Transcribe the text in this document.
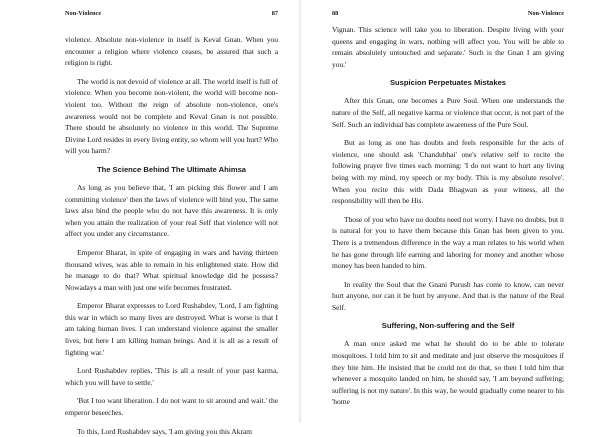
Non-Violence	87

violence. Absolute non-violence in itself is Keval Gnan. When you encounter a religion where violence ceases, be assured that such a religion is right.

The world is not devoid of violence at all. The world itself is full of violence. When you become non-violent, the world will become non-violent too. Without the reign of absolute non-violence, one's awareness would not be complete and Keval Gnan is not possible. There should be absolutely no violence in this world. The Supreme Divine Lord resides in every living entity, so whom will you hurt? Who will you harm?

The Science Behind The Ultimate Ahimsa

As long as you believe that, 'I am picking this flower and I am committing violence' then the laws of violence will bind you. The same laws also bind the people who do not have this awareness. It is only when you attain the realization of your real Self that violence will not affect you under any circumstance.

Emperor Bharat, in spite of engaging in wars and having thirteen thousand wives, was able to remain in his enlightened state. How did he manage to do that? What spiritual knowledge did he possess? Nowadays a man with just one wife becomes frustrated.

Emperor Bharat expresses to Lord Rushabdev, 'Lord, I am fighting this war in which so many lives are destroyed. What is worse is that I am taking human lives. I can understand violence against the smaller lives, but here I am killing human beings. And it is all as a result of fighting war.'

Lord Rushabdev replies, 'This is all a result of your past karma, which you will have to settle.'

'But I too want liberation. I do not want to sit around and wait.' the emperor beseeches.

To this, Lord Rushabdev says, 'I am giving you this Akram

88	Non-Violence

Vignan. This science will take you to liberation. Despite living with your queens and engaging in wars, nothing will affect you. You will be able to remain absolutely untouched and separate.' Such is the Gnan I am giving you.'

Suspicion Perpetuates Mistakes

After this Gnan, one becomes a Pure Soul. When one understands the nature of the Self, all negative karma or violence that occur, is not part of the Self. Such an individual has complete awareness of the Pure Soul.

But as long as one has doubts and feels responsible for the acts of violence, one should ask 'Chandubhai' one's relative self to recite the following prayer five times each morning: 'I do not want to hurt any living being with my mind, my speech or my body. This is my absolute resolve'. When you recite this with Dada Bhagwan as your witness, all the responsibility will then be His.

Those of you who have no doubts need not worry. I have no doubts, but it is natural for you to have them because this Gnan has been given to you. There is a tremendous difference in the way a man relates to his world when he has gone through life earning and laboring for money and another whose money has been handed to him.

In reality the Soul that the Gnani Purush has come to know, can never hurt anyone, nor can it be hurt by anyone. And that is the nature of the Real Self.

Suffering, Non-suffering and the Self

A man once asked me what he should do to be able to tolerate mosquitoes. I told him to sit and meditate and just observe the mosquitoes if they bite him. He insisted that he could not do that, so then I told him that whenever a mosquito landed on him, he should say, 'I am beyond suffering; suffering is not my nature'. In this way, he would gradually come nearer to his 'home
